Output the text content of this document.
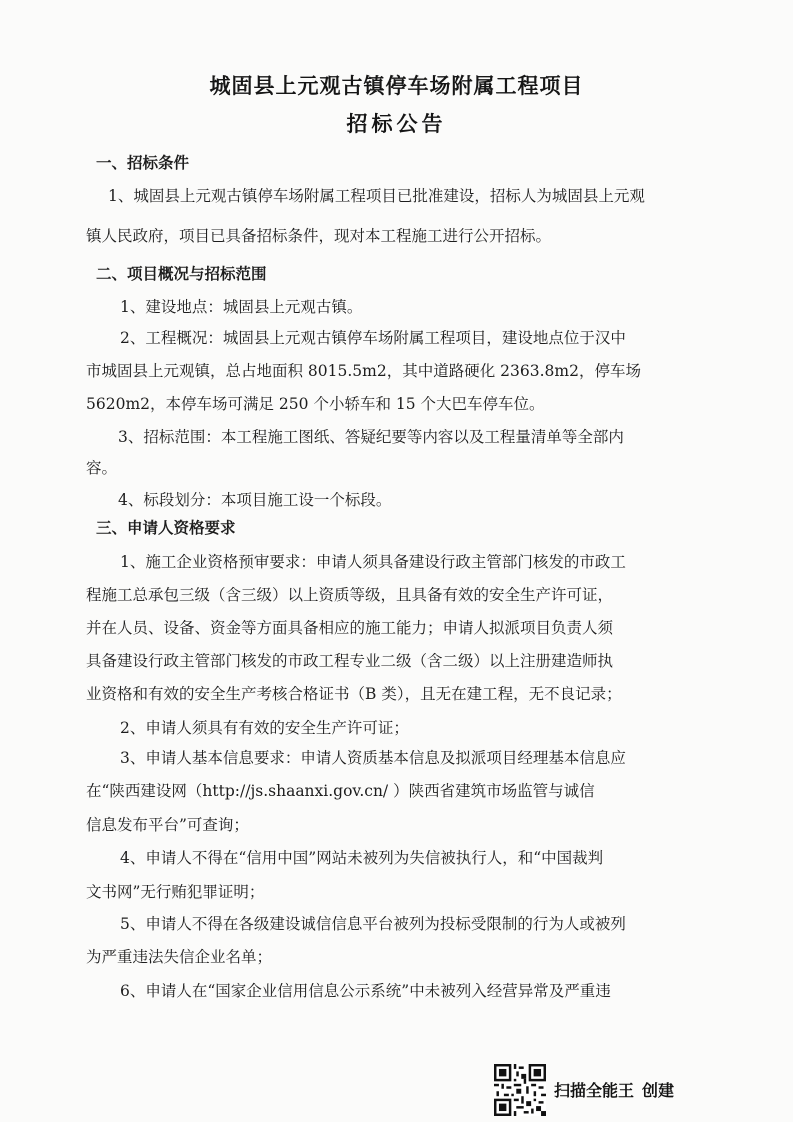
城固县上元观古镇停车场附属工程项目
招标公告
一、招标条件
1、城固县上元观古镇停车场附属工程项目已批准建设，招标人为城固县上元观
镇人民政府，项目已具备招标条件，现对本工程施工进行公开招标。
二、项目概况与招标范围
1、建设地点：城固县上元观古镇。
2、工程概况：城固县上元观古镇停车场附属工程项目，建设地点位于汉中
市城固县上元观镇，总占地面积 8015.5m2，其中道路硬化 2363.8m2，停车场
5620m2，本停车场可满足 250 个小轿车和 15 个大巴车停车位。
3、招标范围：本工程施工图纸、答疑纪要等内容以及工程量清单等全部内
容。
4、标段划分：本项目施工设一个标段。
三、申请人资格要求
1、施工企业资格预审要求：申请人须具备建设行政主管部门核发的市政工
程施工总承包三级（含三级）以上资质等级，且具备有效的安全生产许可证，
并在人员、设备、资金等方面具备相应的施工能力；申请人拟派项目负责人须
具备建设行政主管部门核发的市政工程专业二级（含二级）以上注册建造师执
业资格和有效的安全生产考核合格证书（B 类），且无在建工程，无不良记录；
2、申请人须具有有效的安全生产许可证；
3、申请人基本信息要求：申请人资质基本信息及拟派项目经理基本信息应
在“陕西建设网（http://js.shaanxi.gov.cn/ ）陕西省建筑市场监管与诚信
信息发布平台”可查询；
4、申请人不得在“信用中国”网站未被列为失信被执行人，和“中国裁判
文书网”无行贿犯罪证明；
5、申请人不得在各级建设诚信信息平台被列为投标受限制的行为人或被列
为严重违法失信企业名单；
6、申请人在“国家企业信用信息公示系统”中未被列入经营异常及严重违
扫描全能王 创建
